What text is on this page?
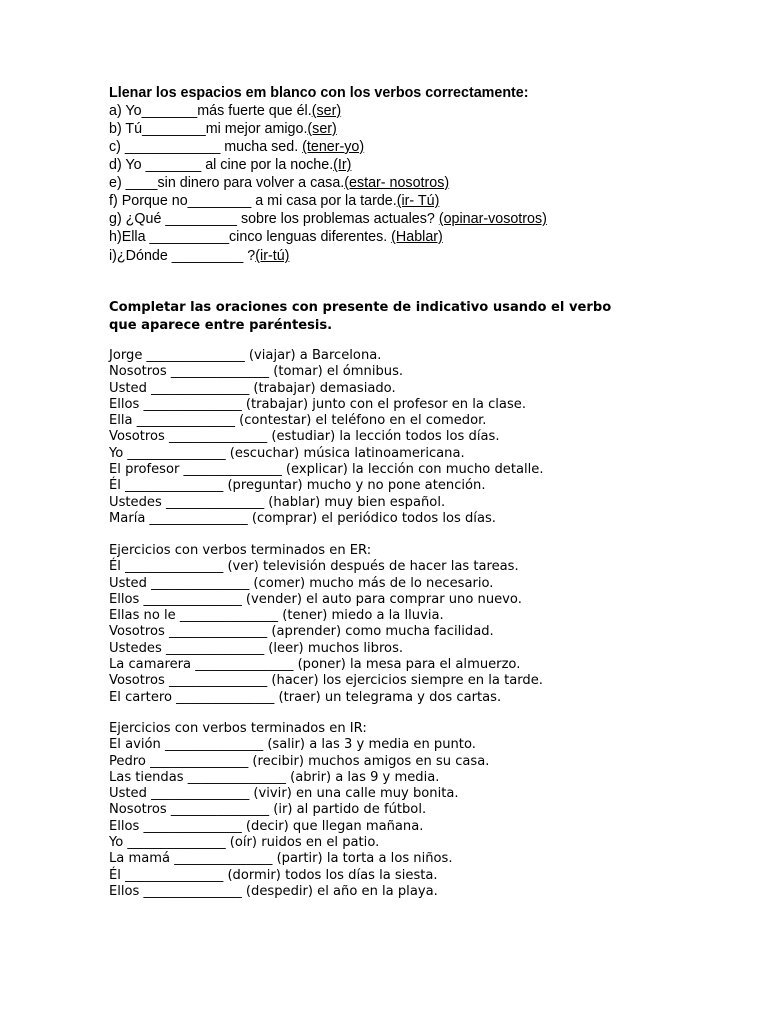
Llenar los espacios em blanco con los verbos correctamente:
a) Yo_______más fuerte que él.(ser)
b) Tú________mi mejor amigo.(ser)
c) ____________ mucha sed. (tener-yo)
d) Yo _______ al cine por la noche.(Ir)
e) ____sin dinero para volver a casa.(estar- nosotros)
f) Porque no________ a mi casa por la tarde.(ir- Tú)
g) ¿Qué _________ sobre los problemas actuales? (opinar-vosotros)
h)Ella __________cinco lenguas diferentes. (Hablar)
i)¿Dónde _________ ?(ir-tú)
Completar las oraciones con presente de indicativo usando el verbo
que aparece entre paréntesis.
Jorge _______________ (viajar) a Barcelona.
Nosotros _______________ (tomar) el ómnibus.
Usted _______________ (trabajar) demasiado.
Ellos _______________ (trabajar) junto con el profesor en la clase.
Ella _______________ (contestar) el teléfono en el comedor.
Vosotros _______________ (estudiar) la lección todos los días.
Yo _______________ (escuchar) música latinoamericana.
El profesor _______________ (explicar) la lección con mucho detalle.
Él _______________ (preguntar) mucho y no pone atención.
Ustedes _______________ (hablar) muy bien español.
María _______________ (comprar) el periódico todos los días.
Ejercicios con verbos terminados en ER:
Él _______________ (ver) televisión después de hacer las tareas.
Usted _______________ (comer) mucho más de lo necesario.
Ellos _______________ (vender) el auto para comprar uno nuevo.
Ellas no le _______________ (tener) miedo a la lluvia.
Vosotros _______________ (aprender) como mucha facilidad.
Ustedes _______________ (leer) muchos libros.
La camarera _______________ (poner) la mesa para el almuerzo.
Vosotros _______________ (hacer) los ejercicios siempre en la tarde.
El cartero _______________ (traer) un telegrama y dos cartas.
Ejercicios con verbos terminados en IR:
El avión _______________ (salir) a las 3 y media en punto.
Pedro _______________ (recibir) muchos amigos en su casa.
Las tiendas _______________ (abrir) a las 9 y media.
Usted _______________ (vivir) en una calle muy bonita.
Nosotros _______________ (ir) al partido de fútbol.
Ellos _______________ (decir) que llegan mañana.
Yo _______________ (oír) ruidos en el patio.
La mamá _______________ (partir) la torta a los niños.
Él _______________ (dormir) todos los días la siesta.
Ellos _______________ (despedir) el año en la playa.
